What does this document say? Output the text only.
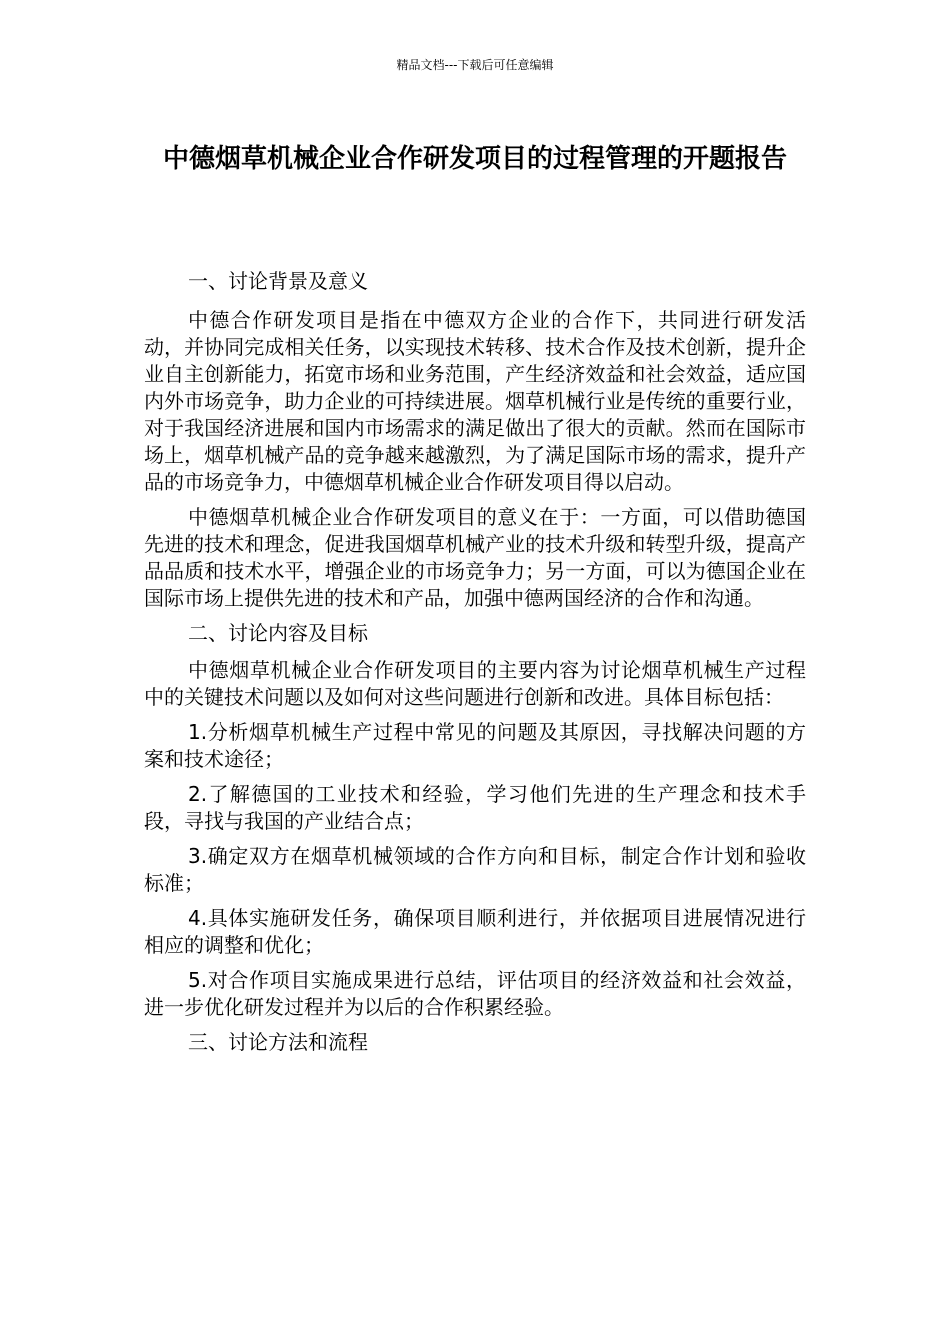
精品文档---下载后可任意编辑
中德烟草机械企业合作研发项目的过程管理的开题报告

一、讨论背景及意义

中德合作研发项目是指在中德双方企业的合作下，共同进行研发活动，并协同完成相关任务，以实现技术转移、技术合作及技术创新，提升企业自主创新能力，拓宽市场和业务范围，产生经济效益和社会效益，适应国内外市场竞争，助力企业的可持续进展。烟草机械行业是传统的重要行业，对于我国经济进展和国内市场需求的满足做出了很大的贡献。然而在国际市场上，烟草机械产品的竞争越来越激烈，为了满足国际市场的需求，提升产品的市场竞争力，中德烟草机械企业合作研发项目得以启动。

中德烟草机械企业合作研发项目的意义在于：一方面，可以借助德国先进的技术和理念，促进我国烟草机械产业的技术升级和转型升级，提高产品品质和技术水平，增强企业的市场竞争力；另一方面，可以为德国企业在国际市场上提供先进的技术和产品，加强中德两国经济的合作和沟通。

二、讨论内容及目标

中德烟草机械企业合作研发项目的主要内容为讨论烟草机械生产过程中的关键技术问题以及如何对这些问题进行创新和改进。具体目标包括：

1.分析烟草机械生产过程中常见的问题及其原因，寻找解决问题的方案和技术途径；

2.了解德国的工业技术和经验，学习他们先进的生产理念和技术手段，寻找与我国的产业结合点；

3.确定双方在烟草机械领域的合作方向和目标，制定合作计划和验收标准；

4.具体实施研发任务，确保项目顺利进行，并依据项目进展情况进行相应的调整和优化；

5.对合作项目实施成果进行总结，评估项目的经济效益和社会效益，进一步优化研发过程并为以后的合作积累经验。

三、讨论方法和流程
